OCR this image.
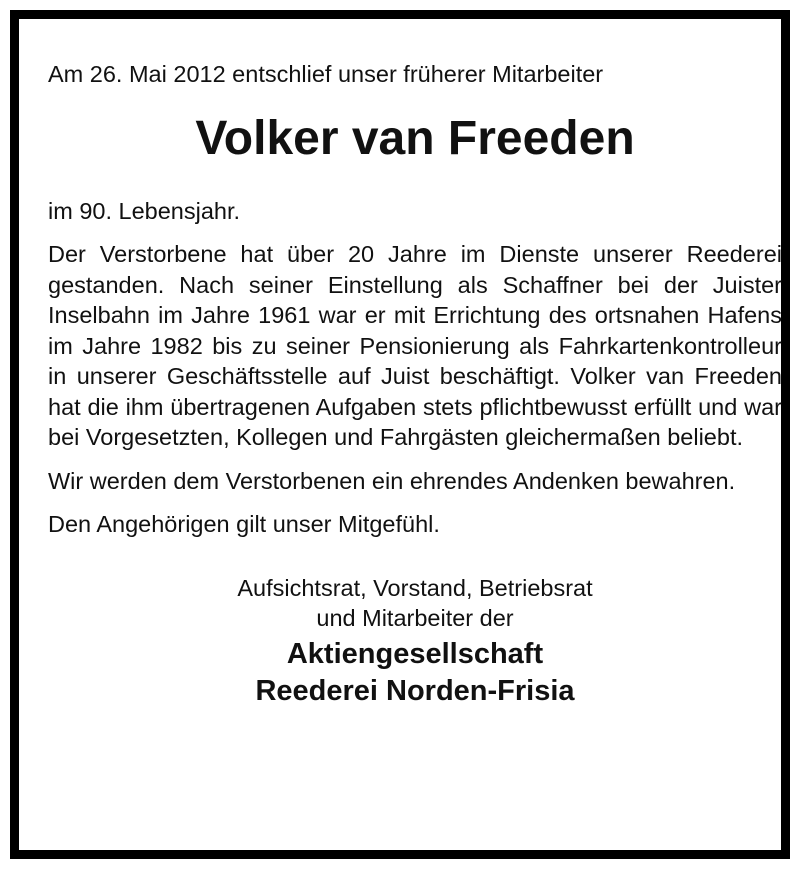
Am 26. Mai 2012 entschlief unser früherer Mitarbeiter

Volker van Freeden

im 90. Lebensjahr.

Der Verstorbene hat über 20 Jahre im Dienste unserer Reederei gestanden. Nach seiner Einstellung als Schaffner bei der Juister Inselbahn im Jahre 1961 war er mit Errichtung des ortsnahen Hafens im Jahre 1982 bis zu seiner Pensionierung als Fahrkartenkontrolleur in unserer Geschäftsstelle auf Juist beschäftigt. Volker van Freeden hat die ihm übertragenen Aufgaben stets pflichtbewusst erfüllt und war bei Vorgesetzten, Kollegen und Fahrgästen gleichermaßen beliebt.

Wir werden dem Verstorbenen ein ehrendes Andenken bewahren.

Den Angehörigen gilt unser Mitgefühl.

Aufsichtsrat, Vorstand, Betriebsrat
und Mitarbeiter der
Aktiengesellschaft
Reederei Norden-Frisia
